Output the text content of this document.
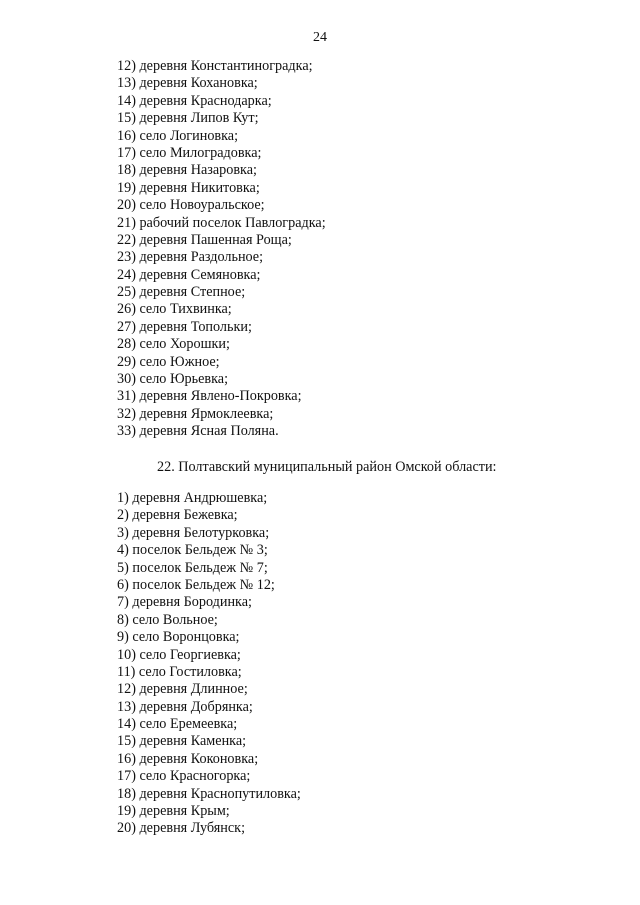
24
12) деревня Константиноградка;
13) деревня Кохановка;
14) деревня Краснодарка;
15) деревня Липов Кут;
16) село Логиновка;
17) село Милоградовка;
18) деревня Назаровка;
19) деревня Никитовка;
20) село Новоуральское;
21) рабочий поселок Павлоградка;
22) деревня Пашенная Роща;
23) деревня Раздольное;
24) деревня Семяновка;
25) деревня Степное;
26) село Тихвинка;
27) деревня Топольки;
28) село Хорошки;
29) село Южное;
30) село Юрьевка;
31) деревня Явлено-Покровка;
32) деревня Ярмоклеевка;
33) деревня Ясная Поляна.
22. Полтавский муниципальный район Омской области:
1) деревня Андрюшевка;
2) деревня Бежевка;
3) деревня Белотурковка;
4) поселок Бельдеж № 3;
5) поселок Бельдеж № 7;
6) поселок Бельдеж № 12;
7) деревня Бородинка;
8) село Вольное;
9) село Воронцовка;
10) село Георгиевка;
11) село Гостиловка;
12) деревня Длинное;
13) деревня Добрянка;
14) село Еремеевка;
15) деревня Каменка;
16) деревня Коконовка;
17) село Красногорка;
18) деревня Краснопутиловка;
19) деревня Крым;
20) деревня Лубянск;
